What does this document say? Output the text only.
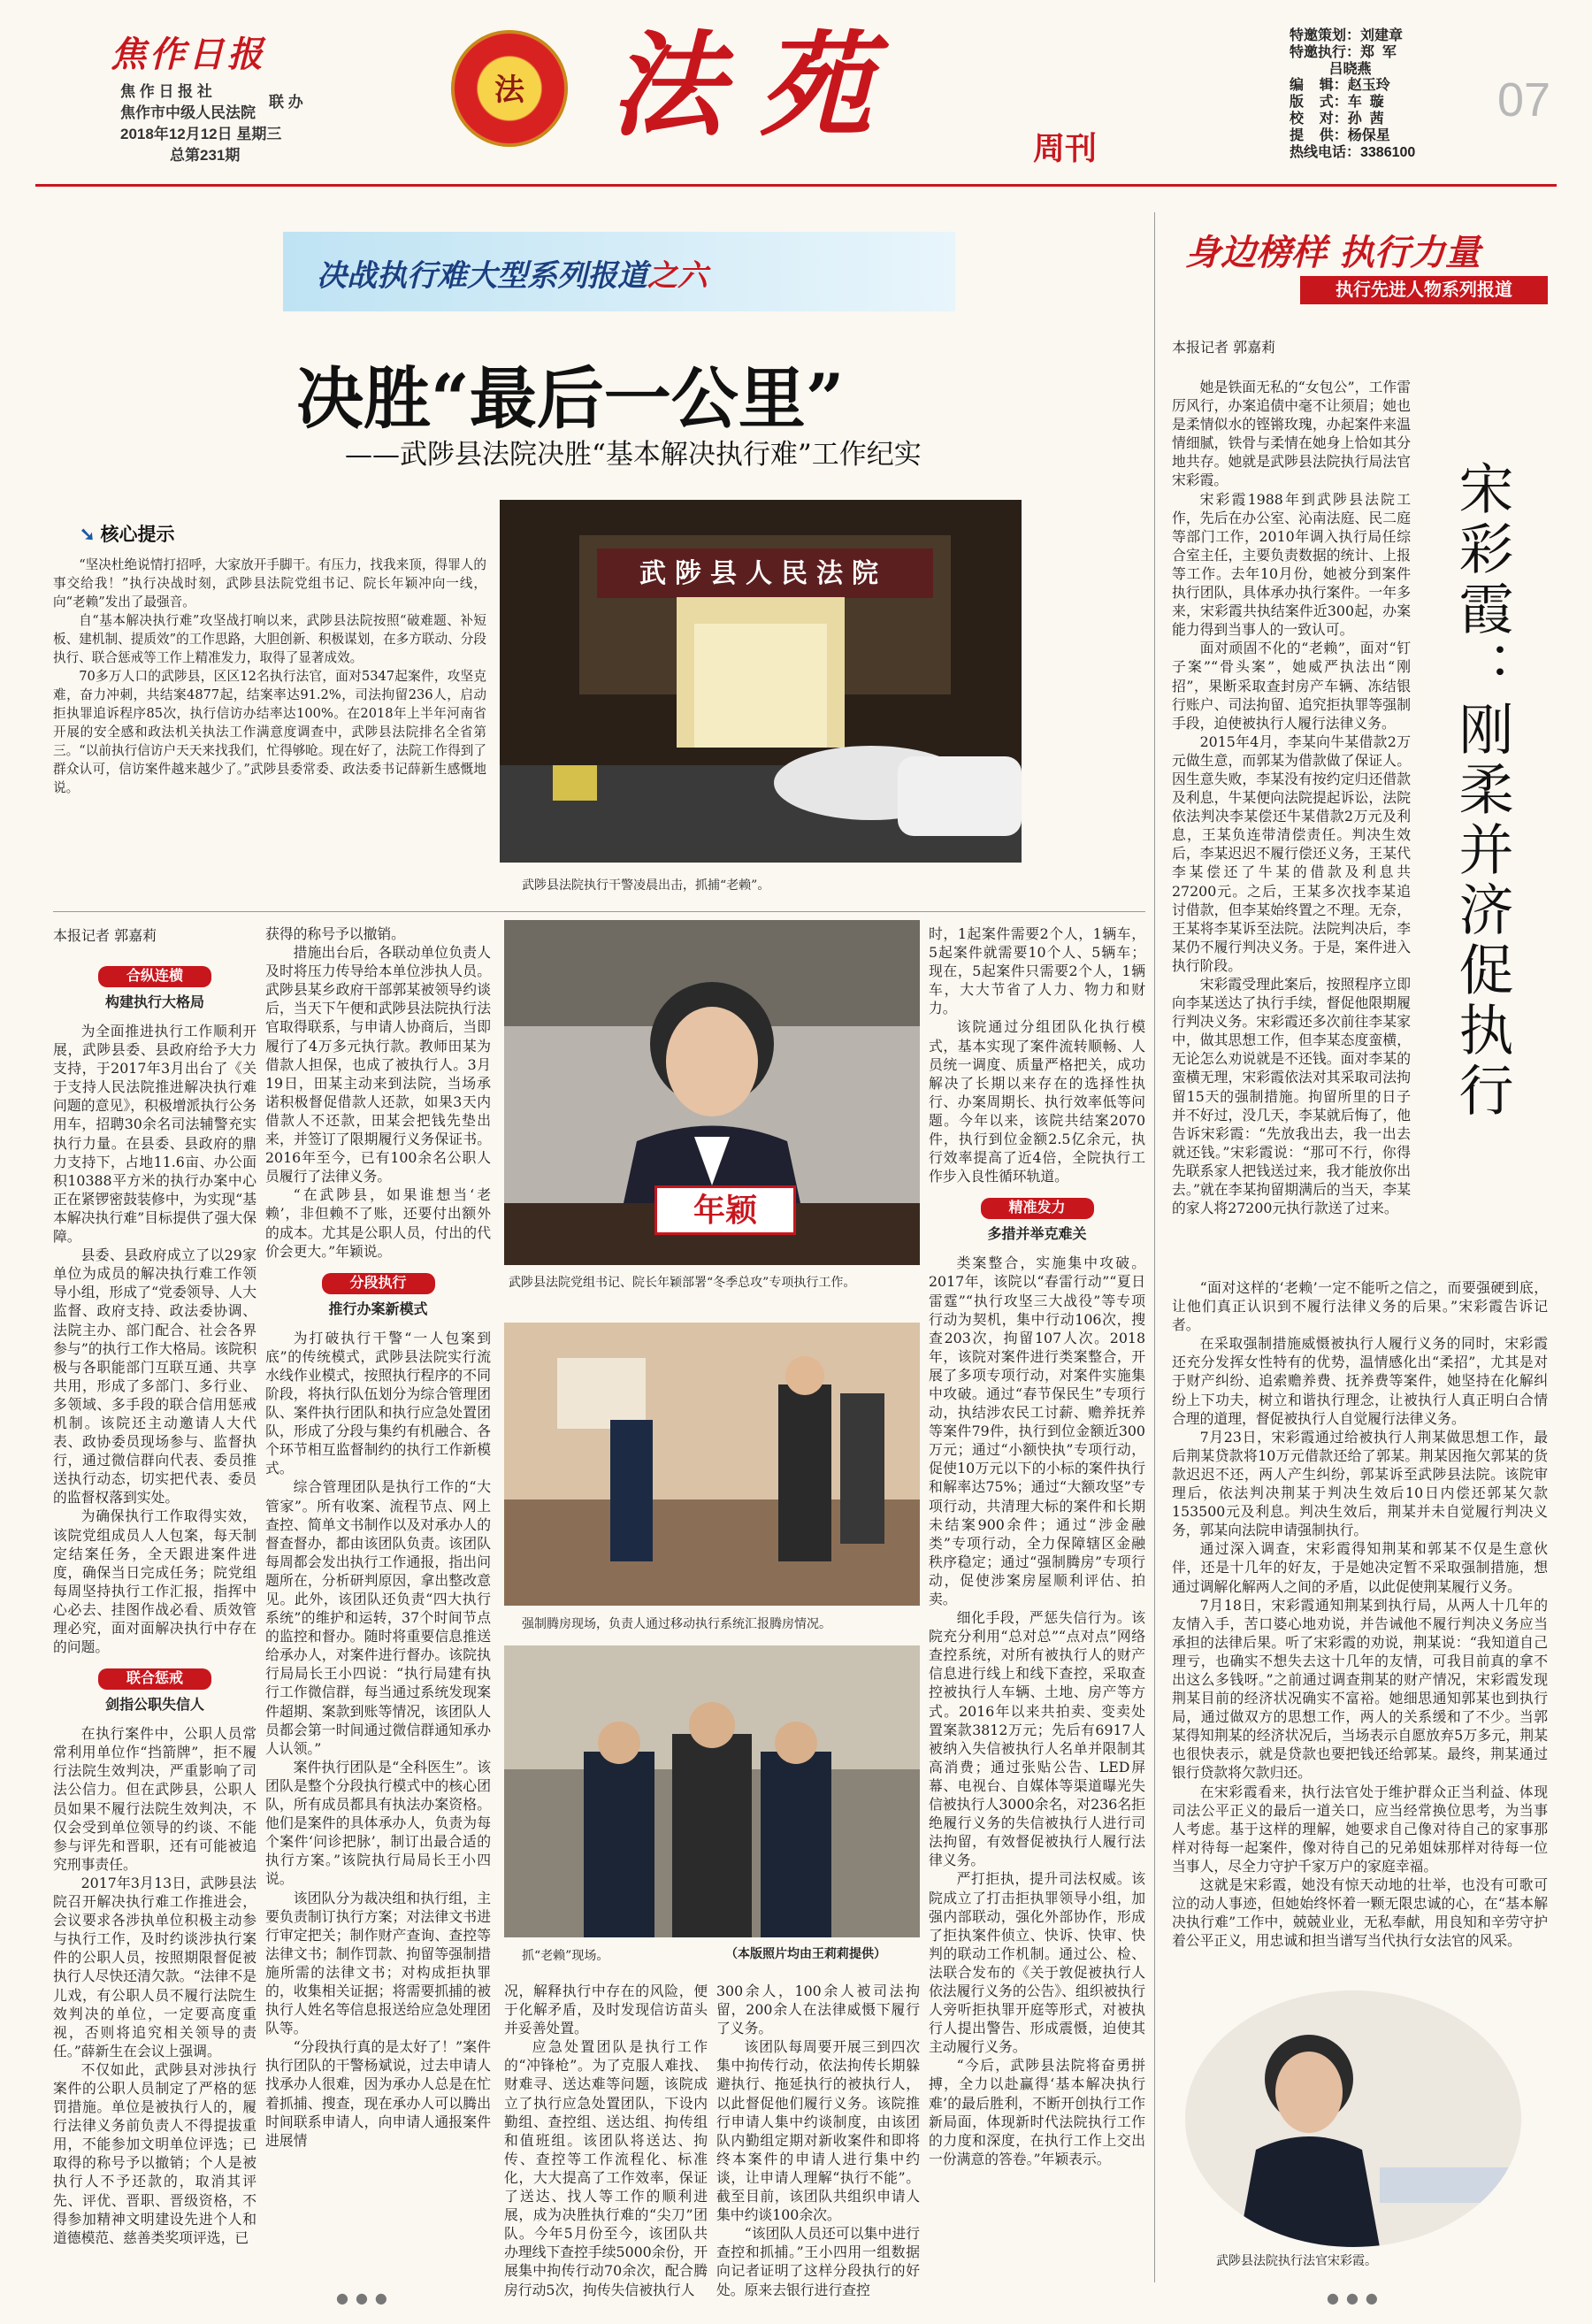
焦作日报
焦 作 日 报 社
焦作市中级人民法院
联 办
2018年12月12日 星期三
总第231期
法 法苑	周刊
特邀策划：刘建章
特邀执行：郑  军
吕晓燕
编    辑：赵玉玲
版    式：车  璇
校    对：孙  茜
提    供：杨保星
热线电话：3386100
07
决战执行难大型系列报道之六
身边榜样 执行力量
执行先进人物系列报道
决胜“最后一公里”
——武陟县法院决胜“基本解决执行难”工作纪实
➘ 核心提示

“坚决杜绝说情打招呼，大家放开手脚干。有压力，找我来顶，得罪人的事交给我！”执行决战时刻，武陟县法院党组书记、院长年颖冲向一线，向“老赖”发出了最强音。

自“基本解决执行难”攻坚战打响以来，武陟县法院按照“破难题、补短板、建机制、提质效”的工作思路，大胆创新、积极谋划，在多方联动、分段执行、联合惩戒等工作上精准发力，取得了显著成效。

70多万人口的武陟县，区区12名执行法官，面对5347起案件，攻坚克难，奋力冲刺，共结案4877起，结案率达91.2%，司法拘留236人，启动拒执罪追诉程序85次，执行信访办结率达100%。在2018年上半年河南省开展的安全感和政法机关执法工作满意度调查中，武陟县法院排名全省第三。“以前执行信访户天天来找我们，忙得够呛。现在好了，法院工作得到了群众认可，信访案件越来越少了。”武陟县委常委、政法委书记薛新生感慨地说。

武陟县人民法院
武陟县法院执行干警凌晨出击，抓捕“老赖”。
本报记者 郭嘉莉
合纵连横
构建执行大格局

为全面推进执行工作顺利开展，武陟县委、县政府给予大力支持，于2017年3月出台了《关于支持人民法院推进解决执行难问题的意见》，积极增派执行公务用车，招聘30余名司法辅警充实执行力量。在县委、县政府的鼎力支持下，占地11.6亩、办公面积10388平方米的执行办案中心正在紧锣密鼓装修中，为实现“基本解决执行难”目标提供了强大保障。

县委、县政府成立了以29家单位为成员的解决执行难工作领导小组，形成了“党委领导、人大监督、政府支持、政法委协调、法院主办、部门配合、社会各界参与”的执行工作大格局。该院积极与各职能部门互联互通、共享共用，形成了多部门、多行业、多领域、多手段的联合信用惩戒机制。该院还主动邀请人大代表、政协委员现场参与、监督执行，通过微信群向代表、委员推送执行动态，切实把代表、委员的监督权落到实处。

为确保执行工作取得实效，该院党组成员人人包案，每天制定结案任务，全天跟进案件进度，确保当日完成任务；院党组每周坚持执行工作汇报，指挥中心必去、挂图作战必看、质效管理必究，面对面解决执行中存在的问题。

联合惩戒
剑指公职失信人

在执行案件中，公职人员常常利用单位作“挡箭牌”，拒不履行法院生效判决，严重影响了司法公信力。但在武陟县，公职人员如果不履行法院生效判决，不仅会受到单位领导的约谈、不能参与评先和晋职，还有可能被追究刑事责任。

2017年3月13日，武陟县法院召开解决执行难工作推进会，会议要求各涉执单位积极主动参与执行工作，及时约谈涉执行案件的公职人员，按照期限督促被执行人尽快还清欠款。“法律不是儿戏，有公职人员不履行法院生效判决的单位，一定要高度重视，否则将追究相关领导的责任。”薛新生在会议上强调。

不仅如此，武陟县对涉执行案件的公职人员制定了严格的惩罚措施。单位是被执行人的，履行法律义务前负责人不得提拔重用，不能参加文明单位评选；已取得的称号予以撤销；个人是被执行人不予还款的，取消其评先、评优、晋职、晋级资格，不得参加精神文明建设先进个人和道德模范、慈善类奖项评选，已

获得的称号予以撤销。

措施出台后，各联动单位负责人及时将压力传导给本单位涉执人员。武陟县某乡政府干部郭某被领导约谈后，当天下午便和武陟县法院执行法官取得联系，与申请人协商后，当即履行了4万多元执行款。教师田某为借款人担保，也成了被执行人。3月19日，田某主动来到法院，当场承诺积极督促借款人还款，如果3天内借款人不还款，田某会把钱先垫出来，并签订了限期履行义务保证书。2016年至今，已有100余名公职人员履行了法律义务。

“在武陟县，如果谁想当‘老赖’，非但赖不了账，还要付出额外的成本。尤其是公职人员，付出的代价会更大。”年颖说。

分段执行
推行办案新模式

为打破执行干警“一人包案到底”的传统模式，武陟县法院实行流水线作业模式，按照执行程序的不同阶段，将执行队伍划分为综合管理团队、案件执行团队和执行应急处置团队，形成了分段与集约有机融合、各个环节相互监督制约的执行工作新模式。

综合管理团队是执行工作的“大管家”。所有收案、流程节点、网上查控、简单文书制作以及对承办人的督查督办，都由该团队负责。该团队每周都会发出执行工作通报，指出问题所在，分析研判原因，拿出整改意见。此外，该团队还负责“四大执行系统”的维护和运转，37个时间节点的监控和督办。随时将重要信息推送给承办人，对案件进行督办。该院执行局局长王小四说：“执行局建有执行工作微信群，每当通过系统发现案件超期、案款到账等情况，该团队人员都会第一时间通过微信群通知承办人认领。”

案件执行团队是“全科医生”。该团队是整个分段执行模式中的核心团队，所有成员都具有执法办案资格。他们是案件的具体承办人，负责为每个案件‘问诊把脉’，制订出最合适的执行方案。”该院执行局局长王小四说。

该团队分为裁决组和执行组，主要负责制订执行方案；对法律文书进行审定把关；制作财产查询、查控等法律文书；制作罚款、拘留等强制措施所需的法律文书；对构成拒执罪的，收集相关证据；将需要抓捕的被执行人姓名等信息报送给应急处理团队等。

“分段执行真的是太好了！”案件执行团队的干警杨斌说，过去申请人找承办人很难，因为承办人总是在忙着抓捕、搜查，现在承办人可以腾出时间联系申请人，向申请人通报案件进展情

年颖
武陟县法院党组书记、院长年颖部署“冬季总攻”专项执行工作。
强制腾房现场，负责人通过移动执行系统汇报腾房情况。
抓“老赖”现场。	（本版照片均由王莉莉提供）

况，解释执行中存在的风险，便于化解矛盾，及时发现信访苗头并妥善处置。

应急处置团队是执行工作的“冲锋枪”。为了克服人难找、财难寻、送达难等问题，该院成立了执行应急处置团队，下设内勤组、查控组、送达组、拘传组和值班组。该团队将送达、拘传、查控等工作流程化、标准化，大大提高了工作效率，保证了送达、找人等工作的顺利进展，成为决胜执行难的“尖刀”团队。今年5月份至今，该团队共办理线下查控手续5000余份，开展集中拘传行动70余次，配合腾房行动5次，拘传失信被执行人

300余人，100余人被司法拘留，200余人在法律威慑下履行了义务。

该团队每周要开展三到四次集中拘传行动，依法拘传长期躲避执行、拖延执行的被执行人，以此督促他们履行义务。该院推行申请人集中约谈制度，由该团队内勤组定期对新收案件和即将终本案件的申请人进行集中约谈，让申请人理解“执行不能”。截至目前，该团队共组织申请人集中约谈100余次。

“该团队人员还可以集中进行查控和抓捕。”王小四用一组数据向记者证明了这样分段执行的好处。原来去银行进行查控

时，1起案件需要2个人，1辆车，5起案件就需要10个人、5辆车；现在，5起案件只需要2个人，1辆车，大大节省了人力、物力和财力。

该院通过分组团队化执行模式，基本实现了案件流转顺畅、人员统一调度、质量严格把关，成功解决了长期以来存在的选择性执行、办案周期长、执行效率低等问题。今年以来，该院共结案2070件，执行到位金额2.5亿余元，执行效率提高了近4倍，全院执行工作步入良性循环轨道。

精准发力
多措并举克难关

类案整合，实施集中攻破。2017年，该院以“春雷行动”“夏日雷霆”“执行攻坚三大战役”等专项行动为契机，集中行动106次，搜查203次，拘留107人次。2018年，该院对案件进行类案整合，开展了多项专项行动，对案件实施集中攻破。通过“春节保民生”专项行动，执结涉农民工讨薪、赡养抚养等案件79件，执行到位金额近300万元；通过“小额快执”专项行动，促使10万元以下的小标的案件执行和解率达75%；通过“大额攻坚”专项行动，共清理大标的案件和长期未结案900余件；通过“涉金融类”专项行动，全力保障辖区金融秩序稳定；通过“强制腾房”专项行动，促使涉案房屋顺利评估、拍卖。

细化手段，严惩失信行为。该院充分利用“总对总”“点对点”网络查控系统，对所有被执行人的财产信息进行线上和线下查控，采取查控被执行人车辆、土地、房产等方式。2016年以来共拍卖、变卖处置案款3812万元；先后有6917人被纳入失信被执行人名单并限制其高消费；通过张贴公告、LED屏幕、电视台、自媒体等渠道曝光失信被执行人3000余名，对236名拒绝履行义务的失信被执行人进行司法拘留，有效督促被执行人履行法律义务。

严打拒执，提升司法权威。该院成立了打击拒执罪领导小组，加强内部联动，强化外部协作，形成了拒执案件侦立、快诉、快审、快判的联动工作机制。通过公、检、法联合发布的《关于敦促被执行人依法履行义务的公告》、组织被执行人旁听拒执罪开庭等形式，对被执行人提出警告、形成震慑，迫使其主动履行义务。

“今后，武陟县法院将奋勇拼搏，全力以赴赢得‘基本解决执行难’的最后胜利，不断开创执行工作新局面，体现新时代法院执行工作的力度和深度，在执行工作上交出一份满意的答卷。”年颖表示。

本报记者 郭嘉莉

她是铁面无私的“女包公”，工作雷厉风行，办案追债中毫不让须眉；她也是柔情似水的铿锵玫瑰，办起案件来温情细腻，铁骨与柔情在她身上恰如其分地共存。她就是武陟县法院执行局法官宋彩霞。

宋彩霞1988年到武陟县法院工作，先后在办公室、沁南法庭、民二庭等部门工作，2010年调入执行局任综合室主任，主要负责数据的统计、上报等工作。去年10月份，她被分到案件执行团队，具体承办执行案件。一年多来，宋彩霞共执结案件近300起，办案能力得到当事人的一致认可。

面对顽固不化的“老赖”，面对“钉子案”“骨头案”，她威严执法出“刚招”，果断采取查封房产车辆、冻结银行账户、司法拘留、追究拒执罪等强制手段，迫使被执行人履行法律义务。

2015年4月，李某向牛某借款2万元做生意，而郭某为借款做了保证人。因生意失败，李某没有按约定归还借款及利息，牛某便向法院提起诉讼，法院依法判决李某偿还牛某借款2万元及利息，王某负连带清偿责任。判决生效后，李某迟迟不履行偿还义务，王某代李某偿还了牛某的借款及利息共27200元。之后，王某多次找李某追讨借款，但李某始终置之不理。无奈，王某将李某诉至法院。法院判决后，李某仍不履行判决义务。于是，案件进入执行阶段。

宋彩霞受理此案后，按照程序立即向李某送达了执行手续，督促他限期履行判决义务。宋彩霞还多次前往李某家中，做其思想工作，但李某态度蛮横，无论怎么劝说就是不还钱。面对李某的蛮横无理，宋彩霞依法对其采取司法拘留15天的强制措施。拘留所里的日子并不好过，没几天，李某就后悔了，他告诉宋彩霞：“先放我出去，我一出去就还钱。”宋彩霞说：“那可不行，你得先联系家人把钱送过来，我才能放你出去。”就在李某拘留期满后的当天，李某的家人将27200元执行款送了过来。

宋彩霞：刚柔并济促执行

“面对这样的‘老赖’一定不能听之信之，而要强硬到底，让他们真正认识到不履行法律义务的后果。”宋彩霞告诉记者。

在采取强制措施威慑被执行人履行义务的同时，宋彩霞还充分发挥女性特有的优势，温情感化出“柔招”，尤其是对于财产纠纷、追索赡养费、抚养费等案件，她坚持在化解纠纷上下功夫，树立和谐执行理念，让被执行人真正明白合情合理的道理，督促被执行人自觉履行法律义务。

7月23日，宋彩霞通过给被执行人荆某做思想工作，最后荆某贷款将10万元借款还给了郭某。荆某因拖欠郭某的货款迟迟不还，两人产生纠纷，郭某诉至武陟县法院。该院审理后，依法判决荆某于判决生效后10日内偿还郭某欠款153500元及利息。判决生效后，荆某并未自觉履行判决义务，郭某向法院申请强制执行。

通过深入调查，宋彩霞得知荆某和郭某不仅是生意伙伴，还是十几年的好友，于是她决定暂不采取强制措施，想通过调解化解两人之间的矛盾，以此促使荆某履行义务。

7月18日，宋彩霞通知荆某到执行局，从两人十几年的友情入手，苦口婆心地劝说，并告诫他不履行判决义务应当承担的法律后果。听了宋彩霞的劝说，荆某说：“我知道自己理亏，也确实不想失去这十几年的友情，可我目前真的拿不出这么多钱呀。”之前通过调查荆某的财产情况，宋彩霞发现荆某目前的经济状况确实不富裕。她细思通知郭某也到执行局，通过做双方的思想工作，两人的关系缓和了不少。当郭某得知荆某的经济状况后，当场表示自愿放弃5万多元，荆某也很快表示，就是贷款也要把钱还给郭某。最终，荆某通过银行贷款将欠款归还。

在宋彩霞看来，执行法官处于维护群众正当利益、体现司法公平正义的最后一道关口，应当经常换位思考，为当事人考虑。基于这样的理解，她要求自己像对待自己的家事那样对待每一起案件，像对待自己的兄弟姐妹那样对待每一位当事人，尽全力守护千家万户的家庭幸福。

这就是宋彩霞，她没有惊天动地的壮举，也没有可歌可泣的动人事迹，但她始终怀着一颗无限忠诚的心，在“基本解决执行难”工作中，兢兢业业，无私奉献，用良知和辛劳守护着公平正义，用忠诚和担当谱写当代执行女法官的风采。

武陟县法院执行法官宋彩霞。
●●●	●●●
